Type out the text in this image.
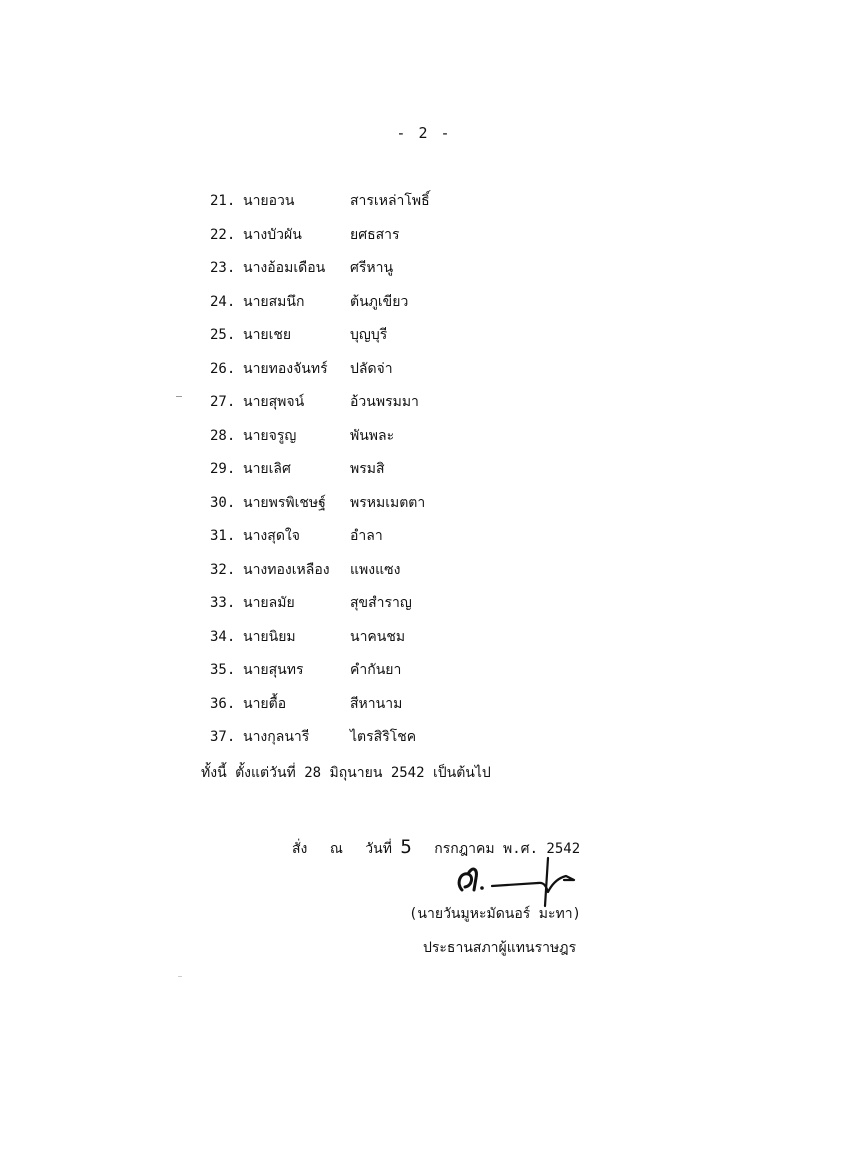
- 2 -
21. นายอวน	สารเหล่าโพธิ์
22. นางบัวผัน	ยศธสาร
23. นางอ้อมเดือน ศรีหานู
24. นายสมนึก	ต้นภูเขียว
25. นายเชย	บุญบุรี
26. นายทองจันทร์ ปลัดจ่า
27. นายสุพจน์	อ้วนพรมมา
28. นายจรูญ	พันพละ
29. นายเลิศ	พรมสิ
30. นายพรพิเชษฐ์ พรหมเมตตา
31. นางสุดใจ	อำลา
32. นางทองเหลือง แพงแซง
33. นายลมัย	สุขสำราญ
34. นายนิยม	นาคนชม
35. นายสุนทร	คำกันยา
36. นายตื้อ	สีหานาม
37. นางกุลนารี	ไตรสิริโชค
ทั้งนี้ ตั้งแต่วันที่ 28 มิถุนายน 2542 เป็นต้นไป
สั่ง ณ วันที่ 5 กรกฎาคม พ.ศ. 2542
(นายวันมูหะมัดนอร์ มะทา)
ประธานสภาผู้แทนราษฎร
